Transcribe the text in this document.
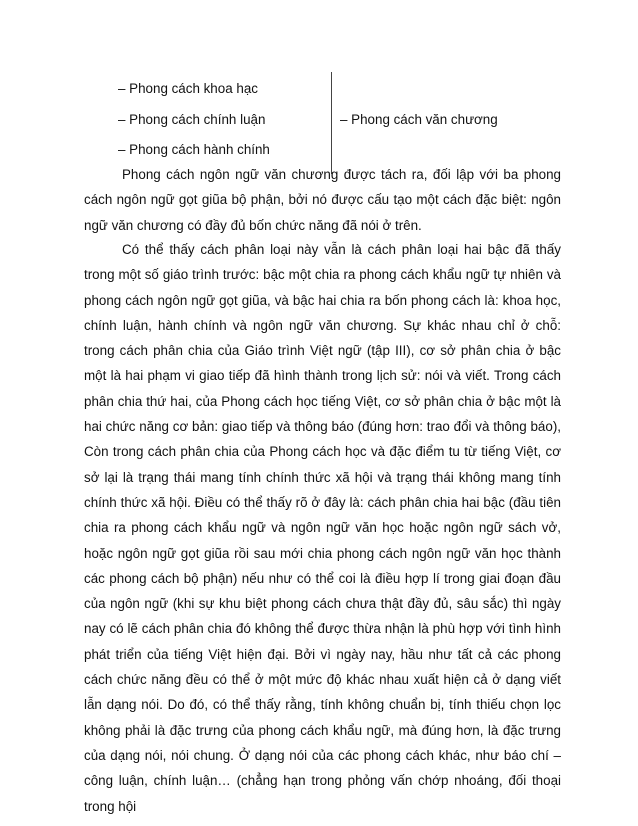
– Phong cách khoa hạc
– Phong cách chính luận
– Phong cách hành chính
– Phong cách văn chương

Phong cách ngôn ngữ văn chương được tách ra, đối lập với ba phong cách ngôn ngữ gọt giũa bộ phận, bởi nó được cấu tạo một cách đặc biệt: ngôn ngữ văn chương có đầy đủ bốn chức năng đã nói ở trên.

Có thể thấy cách phân loại này vẫn là cách phân loại hai bậc đã thấy trong một số giáo trình trước: bậc một chia ra phong cách khẩu ngữ tự nhiên và phong cách ngôn ngữ gọt giũa, và bậc hai chia ra bốn phong cách là: khoa học, chính luận, hành chính và ngôn ngữ văn chương. Sự khác nhau chỉ ở chỗ: trong cách phân chia của Giáo trình Việt ngữ (tập III), cơ sở phân chia ở bậc một là hai phạm vi giao tiếp đã hình thành trong lịch sử: nói và viết. Trong cách phân chia thứ hai, của Phong cách học tiếng Việt, cơ sở phân chia ở bậc một là hai chức năng cơ bản: giao tiếp và thông báo (đúng hơn: trao đổi và thông báo), Còn trong cách phân chia của Phong cách học và đặc điểm tu từ tiếng Việt, cơ sở lại là trạng thái mang tính chính thức xã hội và trạng thái không mang tính chính thức xã hội. Điều có thể thấy rõ ở đây là: cách phân chia hai bậc (đầu tiên chia ra phong cách khẩu ngữ và ngôn ngữ văn học hoặc ngôn ngữ sách vở, hoặc ngôn ngữ gọt giũa rồi sau mới chia phong cách ngôn ngữ văn học thành các phong cách bộ phận) nếu như có thể coi là điều hợp lí trong giai đoạn đầu của ngôn ngữ (khi sự khu biệt phong cách chưa thật đầy đủ, sâu sắc) thì ngày nay có lẽ cách phân chia đó không thể được thừa nhận là phù hợp với tình hình phát triển của tiếng Việt hiện đại. Bởi vì ngày nay, hầu như tất cả các phong cách chức năng đều có thể ở một mức độ khác nhau xuất hiện cả ở dạng viết lẫn dạng nói. Do đó, có thể thấy rằng, tính không chuẩn bị, tính thiếu chọn lọc không phải là đặc trưng của phong cách khẩu ngữ, mà đúng hơn, là đặc trưng của dạng nói, nói chung. Ở dạng nói của các phong cách khác, như báo chí – công luận, chính luận… (chẳng hạn trong phỏng vấn chớp nhoáng, đối thoại trong hội
